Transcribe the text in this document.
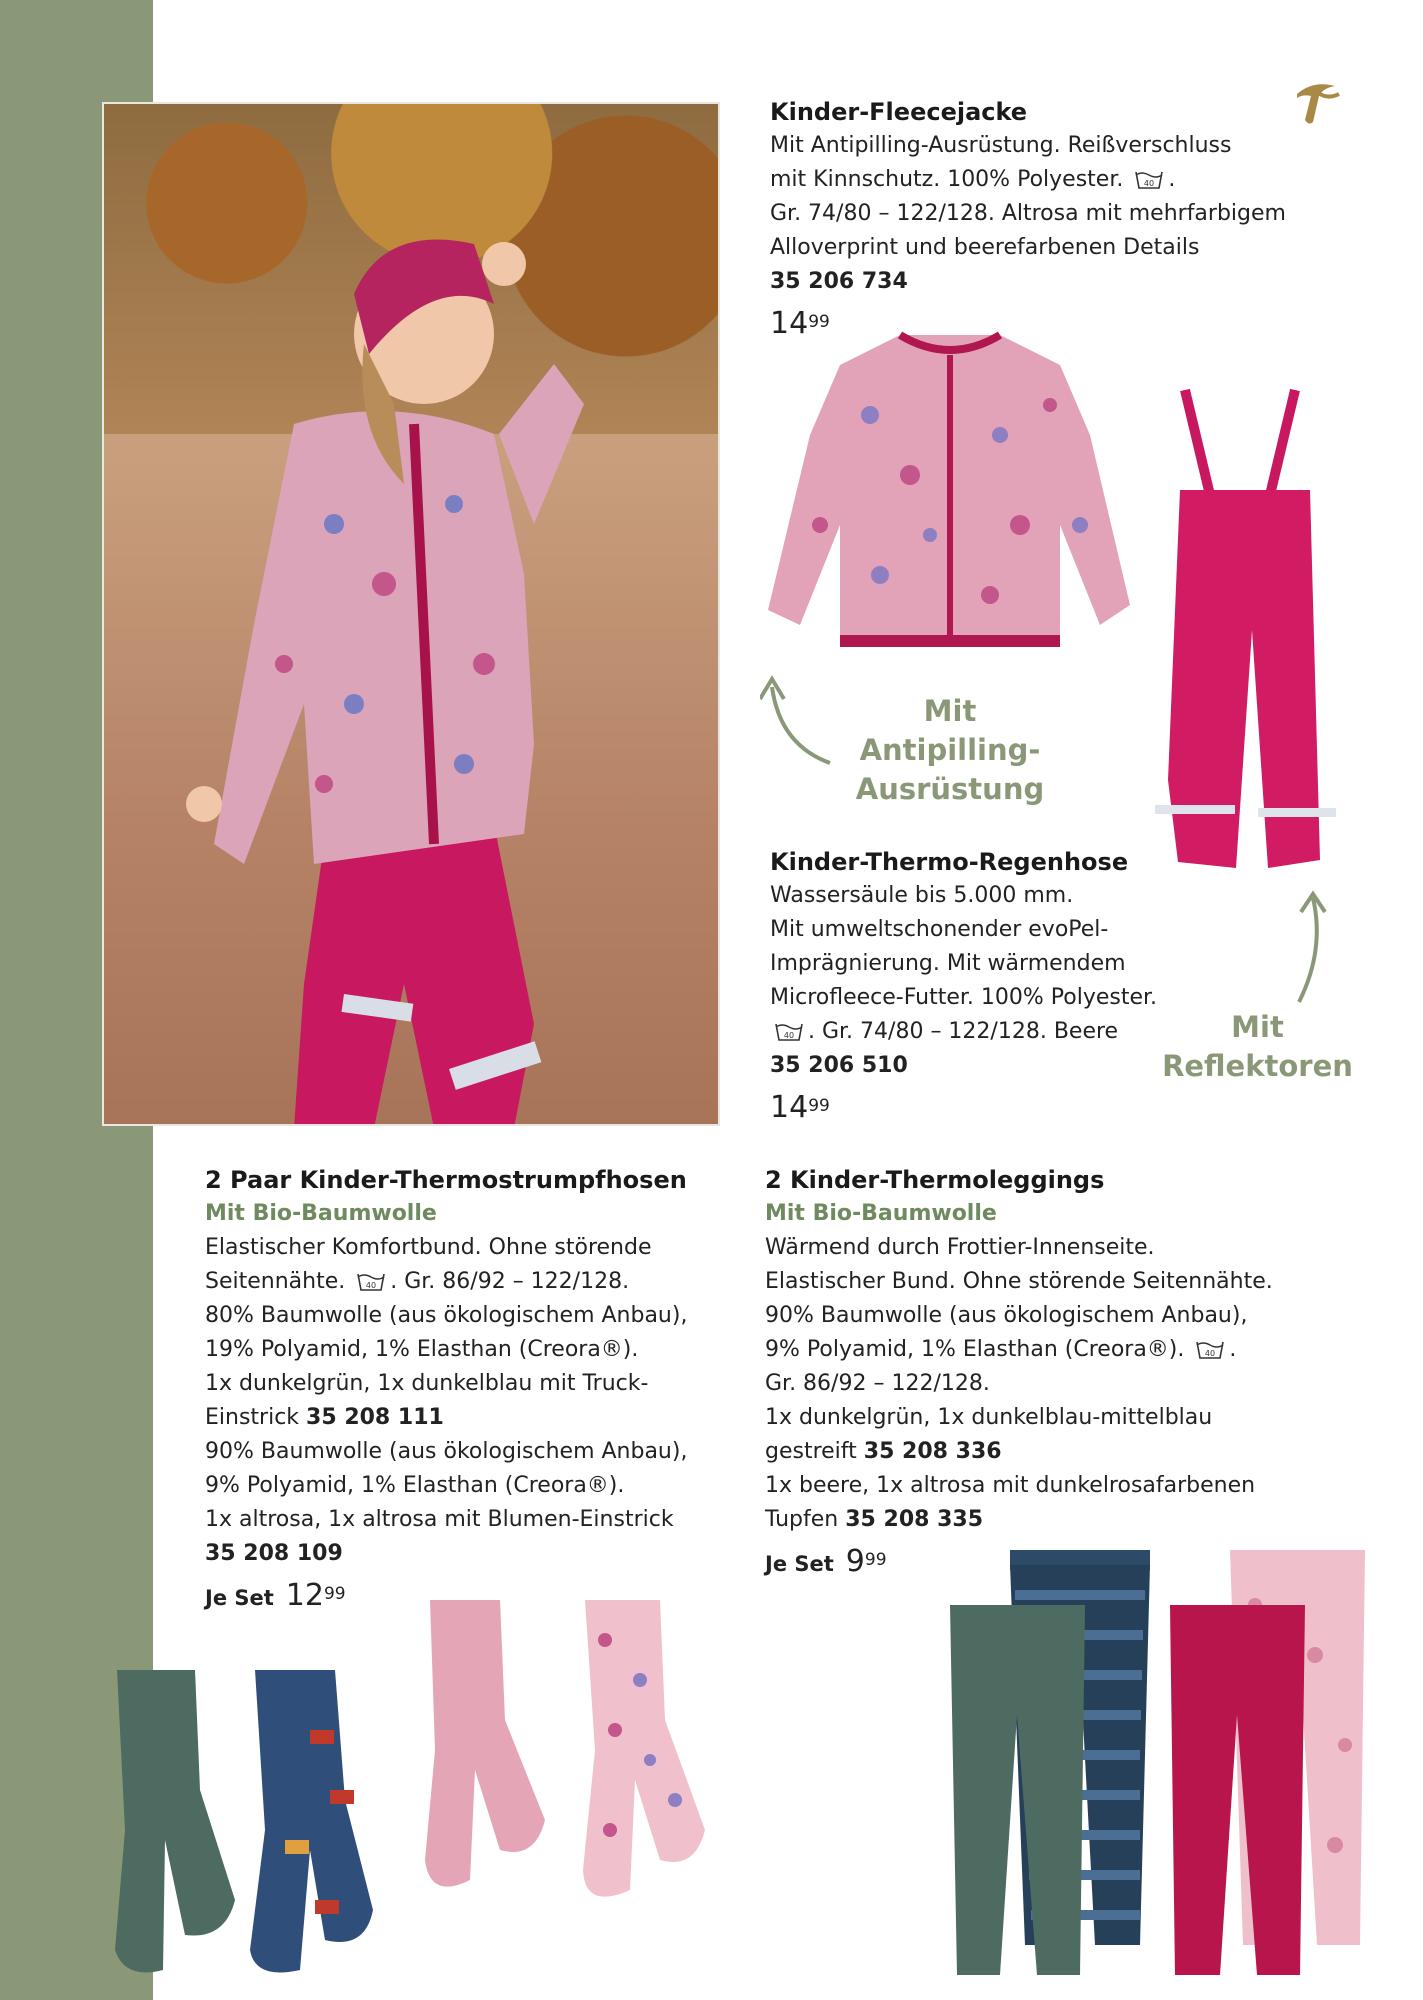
Kinder-Fleecejacke

Mit Antipilling-Ausrüstung. Reißverschluss

mit Kinnschutz. 100% Polyester.	40 .

Gr. 74/80 – 122/128. Altrosa mit mehrfarbigem

Alloverprint und beerefarbenen Details

35 206 734

$14^{99}$
Mit
Antipilling-
Ausrüstung

Kinder-Thermo-Regenhose

Wassersäule bis 5.000 mm.

Mit umweltschonender evoPel-

Imprägnierung. Mit wärmendem

Microfleece-Futter. 100% Polyester.

40 . Gr. 74/80 – 122/128. Beere

35 206 510

$14^{99}$
Mit
Reflektoren

2 Paar Kinder-Thermostrumpfhosen

Mit Bio-Baumwolle

Elastischer Komfortbund. Ohne störende

Seitennähte.	40 . Gr. 86/92 – 122/128.

80% Baumwolle (aus ökologischem Anbau),

19% Polyamid, 1% Elasthan (Creora®).

1x dunkelgrün, 1x dunkelblau mit Truck-

Einstrick 35 208 111

90% Baumwolle (aus ökologischem Anbau),

9% Polyamid, 1% Elasthan (Creora®).

1x altrosa, 1x altrosa mit Blumen-Einstrick

35 208 109

Je Set $12^{99}$

2 Kinder-Thermoleggings

Mit Bio-Baumwolle

Wärmend durch Frottier-Innenseite.

Elastischer Bund. Ohne störende Seitennähte.

90% Baumwolle (aus ökologischem Anbau),

9% Polyamid, 1% Elasthan (Creora®).	40 .

Gr. 86/92 – 122/128.

1x dunkelgrün, 1x dunkelblau-mittelblau

gestreift 35 208 336

1x beere, 1x altrosa mit dunkelrosafarbenen

Tupfen 35 208 335

Je Set $9^{99}$
